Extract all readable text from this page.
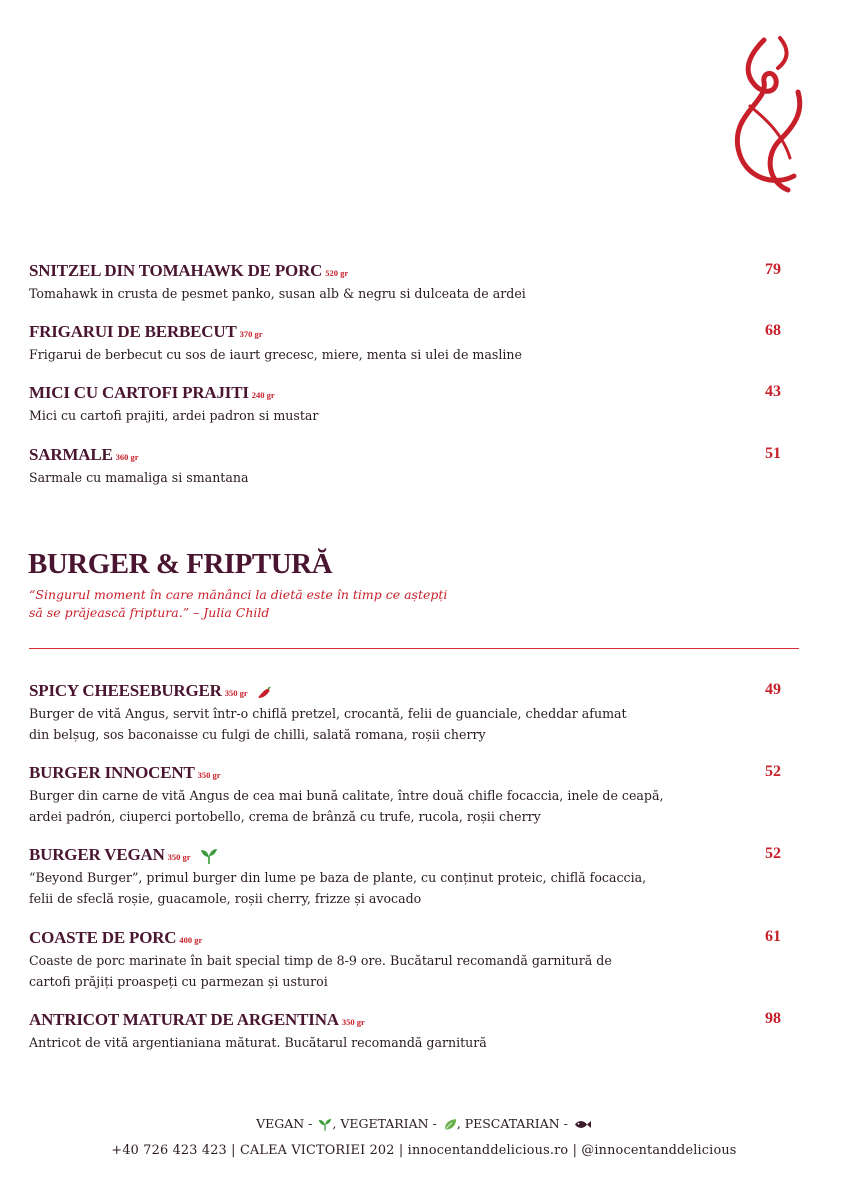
SNITZEL DIN TOMAHAWK DE PORC 520 gr	79
Tomahawk in crusta de pesmet panko, susan alb & negru si dulceata de ardei
FRIGARUI DE BERBECUT 370 gr	68
Frigarui de berbecut cu sos de iaurt grecesc, miere, menta si ulei de masline
MICI CU CARTOFI PRAJITI 240 gr	43
Mici cu cartofi prajiti, ardei padron si mustar
SARMALE 360 gr	51
Sarmale cu mamaliga si smantana
BURGER & FRIPTURĂ
“Singurul moment în care mănânci la dietă este în timp ce aștepți
să se prăjească friptura.” – Julia Child
SPICY CHEESEBURGER 350 gr	49
Burger de vită Angus, servit într-o chiflă pretzel, crocantă, felii de guanciale, cheddar afumat
din belșug, sos baconaisse cu fulgi de chilli, salată romana, roșii cherry
BURGER INNOCENT 350 gr	52
Burger din carne de vită Angus de cea mai bună calitate, între două chifle focaccia, inele de ceapă,
ardei padrón, ciuperci portobello, crema de brânză cu trufe, rucola, roșii cherry
BURGER VEGAN 350 gr	52
“Beyond Burger”, primul burger din lume pe baza de plante, cu conținut proteic, chiflă focaccia,
felii de sfeclă roșie, guacamole, roșii cherry, frizze și avocado
COASTE DE PORC 400 gr	61
Coaste de porc marinate în bait special timp de 8-9 ore. Bucătarul recomandă garnitură de
cartofi prăjiți proaspeți cu parmezan și usturoi
ANTRICOT MATURAT DE ARGENTINA 350 gr	98
Antricot de vită argentianiana măturat. Bucătarul recomandă garnitură
VEGAN - , VEGETARIAN - , PESCATARIAN -
+40 726 423 423 | CALEA VICTORIEI 202 | innocentanddelicious.ro | @innocentanddelicious
